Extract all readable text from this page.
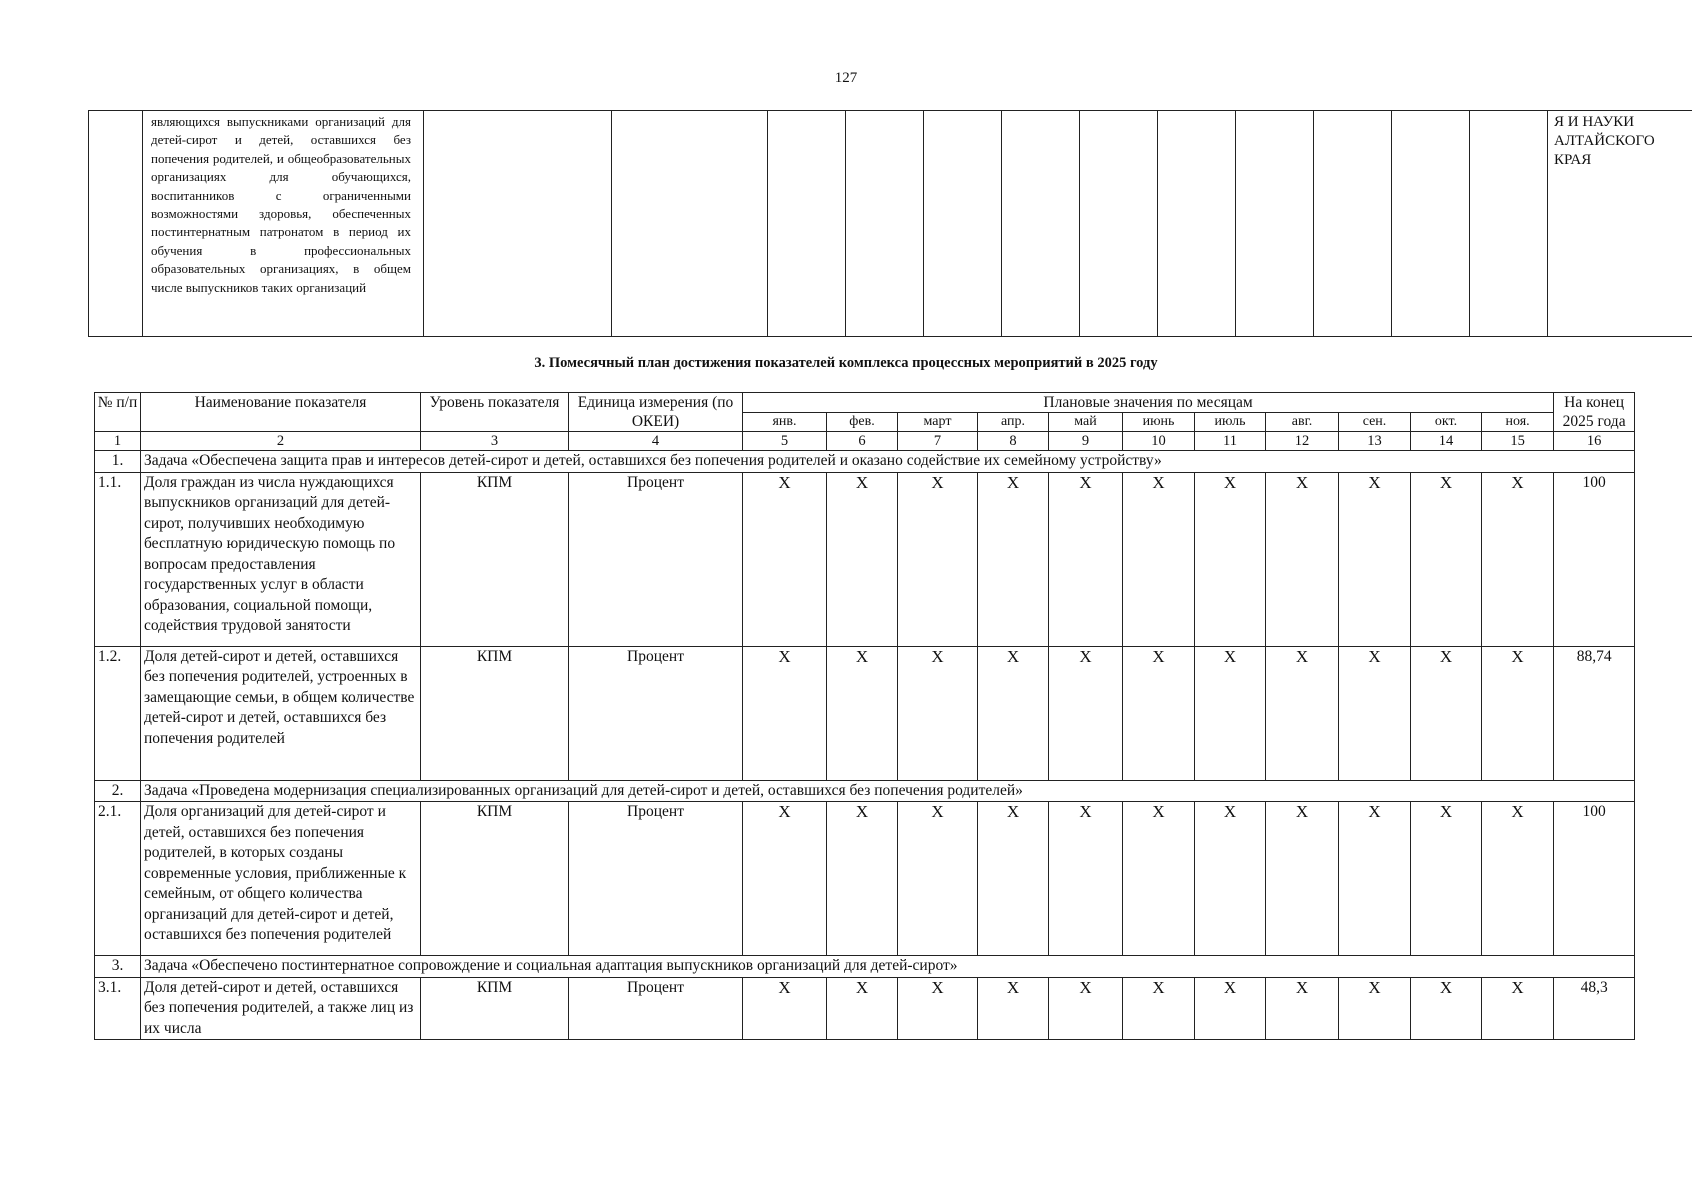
127
	являющихся выпускниками организаций для детей-сирот и детей, оставшихся без попечения родителей, и общеобразовательных организациях для обучающихся, воспитанников с ограниченными возможностями здоровья, обеспеченных постинтернатным патронатом в период их обучения в профессиональных образовательных организациях, в общем числе выпускников таких организаций													Я И НАУКИ АЛТАЙСКОГО КРАЯ
3. Помесячный план достижения показателей комплекса процессных мероприятий в 2025 году
№ п/п	Наименование показателя	Уровень показателя	Единица измерения (по ОКЕИ)	Плановые значения по месяцам											На конец 2025 года
				янв.	фев.	март	апр.	май	июнь	июль	авг.	сен.	окт.	ноя.	
1	2	3	4	5	6	7	8	9	10	11	12	13	14	15	16
1.	Задача «Обеспечена защита прав и интересов детей-сирот и детей, оставшихся без попечения родителей и оказано содействие их семейному устройству»														
1.1.	Доля граждан из числа нуждающихся выпускников организаций для детей-сирот, получивших необходимую бесплатную юридическую помощь по вопросам предоставления государственных услуг в области образования, социальной помощи, содействия трудовой занятости	КПМ	Процент	X	X	X	X	X	X	X	X	X	X	X	100
1.2.	Доля детей-сирот и детей, оставшихся без попечения родителей, устроенных в замещающие семьи, в общем количестве детей-сирот и детей, оставшихся без попечения родителей	КПМ	Процент	X	X	X	X	X	X	X	X	X	X	X	88,74
2.	Задача «Проведена модернизация специализированных организаций для детей-сирот и детей, оставшихся без попечения родителей»														
2.1.	Доля организаций для детей-сирот и детей, оставшихся без попечения родителей, в которых созданы современные условия, приближенные к семейным, от общего количества организаций для детей-сирот и детей, оставшихся без попечения родителей	КПМ	Процент	X	X	X	X	X	X	X	X	X	X	X	100
3.	Задача «Обеспечено постинтернатное сопровождение и социальная адаптация выпускников организаций для детей-сирот»														
3.1.	Доля детей-сирот и детей, оставшихся без попечения родителей, а также лиц из их числа	КПМ	Процент	X	X	X	X	X	X	X	X	X	X	X	48,3
